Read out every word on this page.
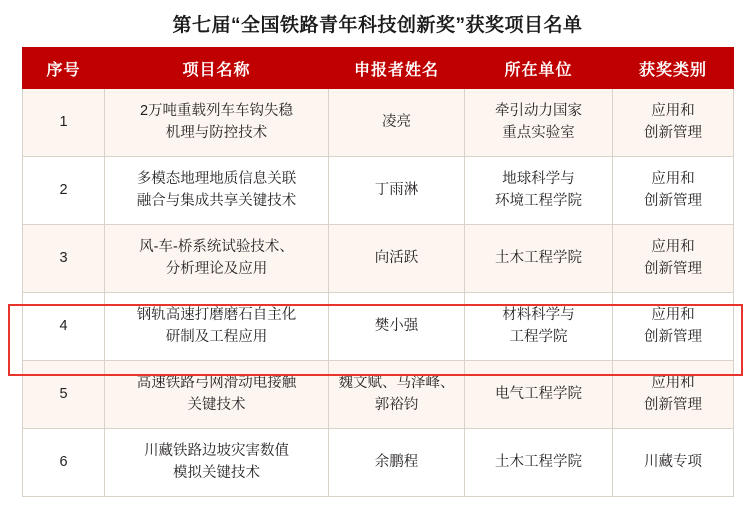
第七届“全国铁路青年科技创新奖”获奖项目名单
序号	项目名称	申报者姓名	所在单位	获奖类别
1	2万吨重载列车车钩失稳
机理与防控技术	凌亮	牵引动力国家
重点实验室	应用和
创新管理

2	多模态地理地质信息关联
融合与集成共享关键技术	丁雨淋	地球科学与
环境工程学院	应用和
创新管理

3	风-车-桥系统试验技术、
分析理论及应用	向活跃	土木工程学院	应用和
创新管理

4	钢轨高速打磨磨石自主化
研制及工程应用	樊小强	材料科学与
工程学院	应用和
创新管理

5	高速铁路弓网滑动电接触
关键技术	魏文赋、马泽峰、
郭裕钧	电气工程学院	应用和
创新管理

6	川藏铁路边坡灾害数值
模拟关键技术	余鹏程	土木工程学院	川藏专项
